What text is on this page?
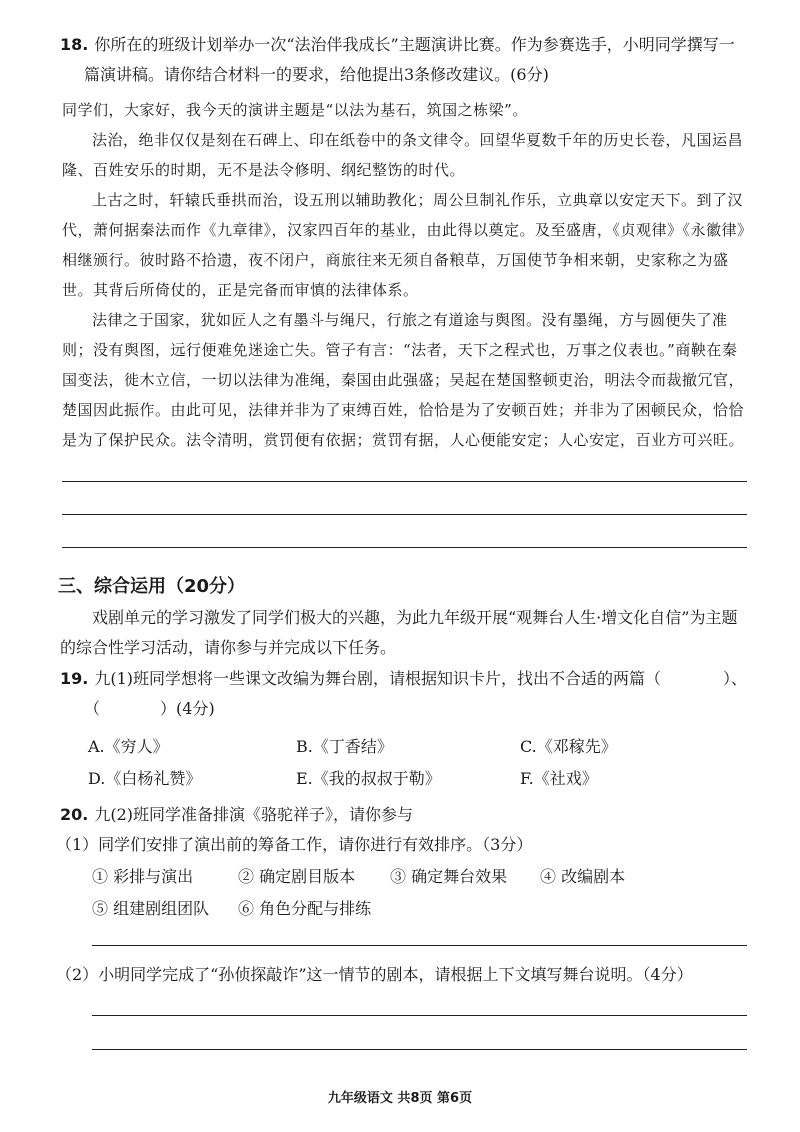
18. 你所在的班级计划举办一次“法治伴我成长”主题演讲比赛。作为参赛选手，小明同学撰写一
篇演讲稿。请你结合材料一的要求，给他提出3条修改建议。(6分)

同学们，大家好，我今天的演讲主题是“以法为基石，筑国之栋梁”。

法治，绝非仅仅是刻在石碑上、印在纸卷中的条文律令。回望华夏数千年的历史长卷，凡国运昌隆、百姓安乐的时期，无不是法令修明、纲纪整饬的时代。

上古之时，轩辕氏垂拱而治，设五刑以辅助教化；周公旦制礼作乐，立典章以安定天下。到了汉代，萧何据秦法而作《九章律》，汉家四百年的基业，由此得以奠定。及至盛唐，《贞观律》《永徽律》相继颁行。彼时路不拾遗，夜不闭户，商旅往来无须自备粮草，万国使节争相来朝，史家称之为盛世。其背后所倚仗的，正是完备而审慎的法律体系。

法律之于国家，犹如匠人之有墨斗与绳尺，行旅之有道途与舆图。没有墨绳，方与圆便失了准则；没有舆图，远行便难免迷途亡失。管子有言：“法者，天下之程式也，万事之仪表也。”商鞅在秦国变法，徙木立信，一切以法律为准绳，秦国由此强盛；吴起在楚国整顿吏治，明法令而裁撤冗官，楚国因此振作。由此可见，法律并非为了束缚百姓，恰恰是为了安顿百姓；并非为了困顿民众，恰恰是为了保护民众。法令清明，赏罚便有依据；赏罚有据，人心便能安定；人心安定，百业方可兴旺。

三、综合运用（20分）

戏剧单元的学习激发了同学们极大的兴趣，为此九年级开展“观舞台人生·增文化自信”为主题的综合性学习活动，请你参与并完成以下任务。

19. 九(1)班同学想将一些课文改编为舞台剧，请根据知识卡片，找出不合适的两篇（	）、
（	）(4分)
A.《穷人》	B.《丁香结》	C.《邓稼先》
D.《白杨礼赞》	E.《我的叔叔于勒》	F.《社戏》
20. 九(2)班同学准备排演《骆驼祥子》，请你参与
（1）同学们安排了演出前的筹备工作，请你进行有效排序。（3分）
① 彩排与演出	② 确定剧目版本 ③ 确定舞台效果 ④ 改编剧本
⑤ 组建剧组团队 ⑥ 角色分配与排练
（2）小明同学完成了“孙侦探敲诈”这一情节的剧本，请根据上下文填写舞台说明。（4分）
九年级语文 共8页 第6页
